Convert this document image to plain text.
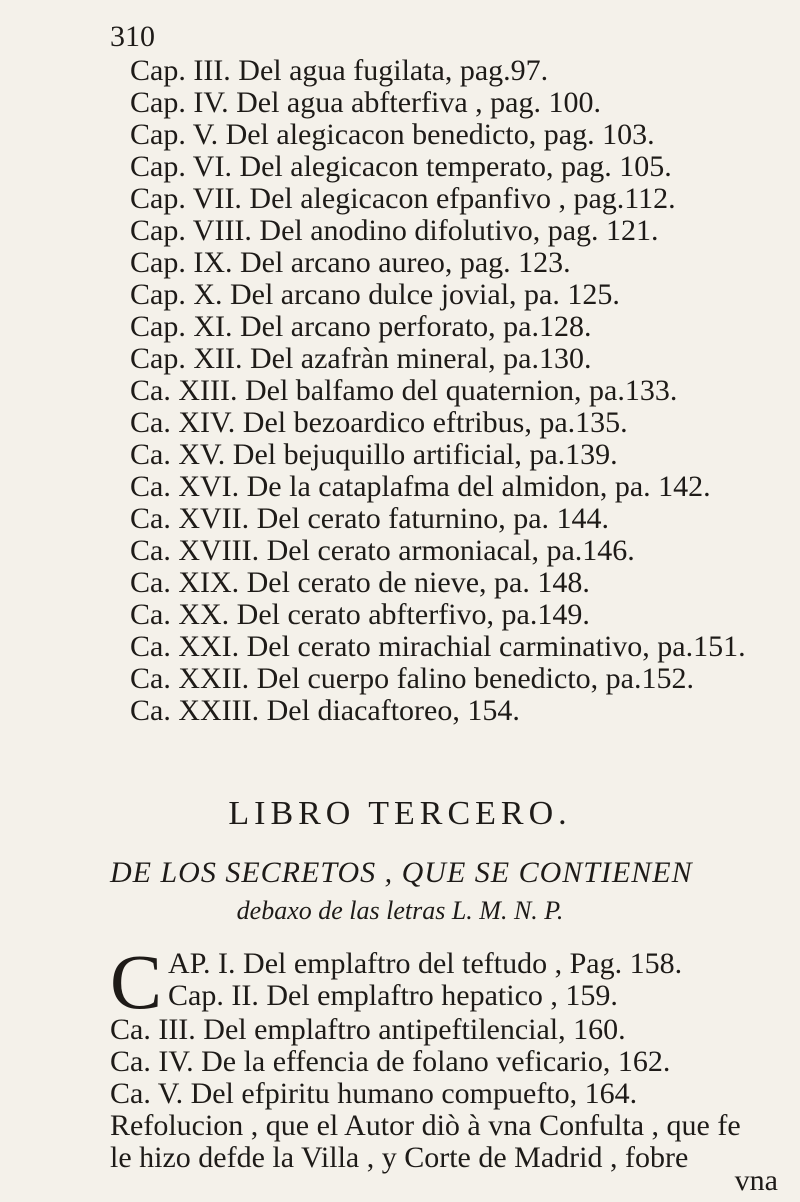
310
Cap. III. Del agua fugilata, pag.97.
Cap. IV. Del agua abfterfiva , pag. 100.
Cap. V. Del alegicacon benedicto, pag. 103.
Cap. VI. Del alegicacon temperato, pag. 105.
Cap. VII. Del alegicacon efpanfivo , pag.112.
Cap. VIII. Del anodino difolutivo, pag. 121.
Cap. IX. Del arcano aureo, pag. 123.
Cap. X. Del arcano dulce jovial, pa. 125.
Cap. XI. Del arcano perforato, pa.128.
Cap. XII. Del azafràn mineral, pa.130.
Ca. XIII. Del balfamo del quaternion, pa.133.
Ca. XIV. Del bezoardico eftribus, pa.135.
Ca. XV. Del bejuquillo artificial, pa.139.
Ca. XVI. De la cataplafma del almidon, pa. 142.
Ca. XVII. Del cerato faturnino, pa. 144.
Ca. XVIII. Del cerato armoniacal, pa.146.
Ca. XIX. Del cerato de nieve, pa. 148.
Ca. XX. Del cerato abfterfivo, pa.149.
Ca. XXI. Del cerato mirachial carminativo, pa.151.
Ca. XXII. Del cuerpo falino benedicto, pa.152.
Ca. XXIII. Del diacaftoreo, 154.
LIBRO TERCERO.
DE LOS SECRETOS , QUE SE CONTIENEN
debaxo de las letras L. M. N. P.
C AP. I. Del emplaftro del teftudo , Pag. 158.
Cap. II. Del emplaftro hepatico , 159.
Ca. III. Del emplaftro antipeftilencial, 160.
Ca. IV. De la effencia de folano veficario, 162.
Ca. V. Del efpiritu humano compuefto, 164.
Refolucion , que el Autor diò à vna Confulta , que fe
le hizo defde la Villa , y Corte de Madrid , fobre
vna
